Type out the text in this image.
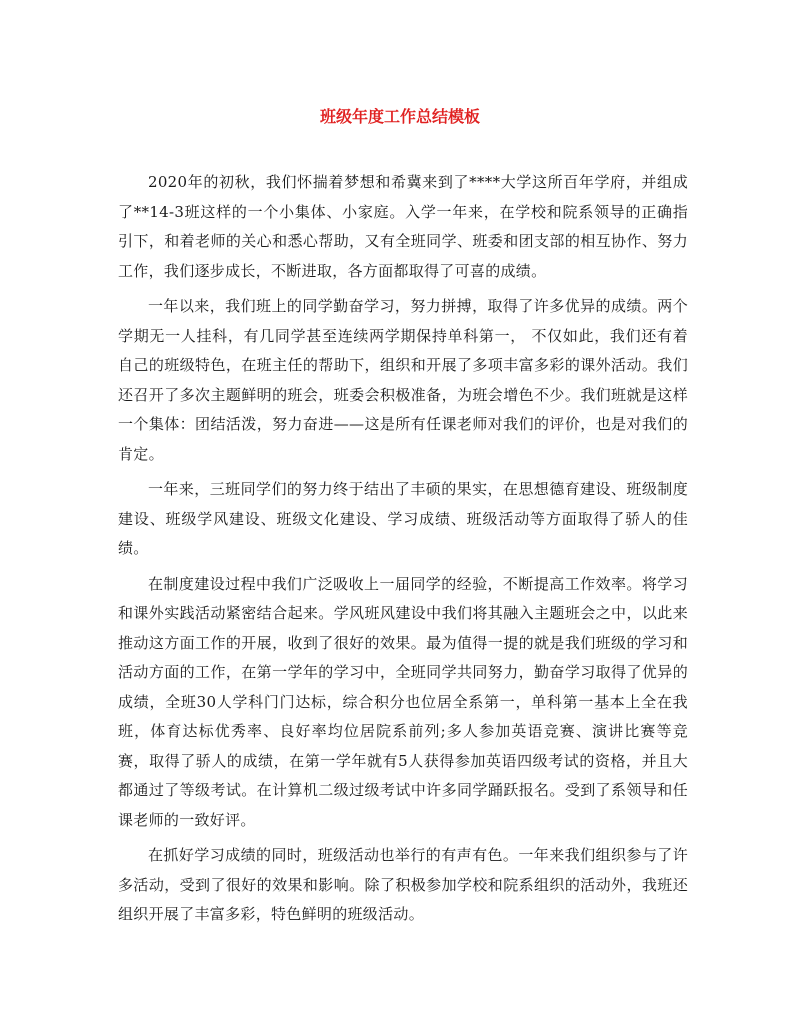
班级年度工作总结模板

2020年的初秋，我们怀揣着梦想和希冀来到了****大学这所百年学府，并组成了**14-3班这样的一个小集体、小家庭。入学一年来，在学校和院系领导的正确指引下，和着老师的关心和悉心帮助，又有全班同学、班委和团支部的相互协作、努力工作，我们逐步成长，不断进取，各方面都取得了可喜的成绩。

一年以来，我们班上的同学勤奋学习，努力拼搏，取得了许多优异的成绩。两个学期无一人挂科，有几同学甚至连续两学期保持单科第一， 不仅如此，我们还有着自己的班级特色，在班主任的帮助下，组织和开展了多项丰富多彩的课外活动。我们还召开了多次主题鲜明的班会，班委会积极准备，为班会增色不少。我们班就是这样一个集体：团结活泼，努力奋进——这是所有任课老师对我们的评价，也是对我们的肯定。

一年来，三班同学们的努力终于结出了丰硕的果实，在思想德育建设、班级制度建设、班级学风建设、班级文化建设、学习成绩、班级活动等方面取得了骄人的佳绩。

在制度建设过程中我们广泛吸收上一届同学的经验，不断提高工作效率。将学习和课外实践活动紧密结合起来。学风班风建设中我们将其融入主题班会之中，以此来推动这方面工作的开展，收到了很好的效果。最为值得一提的就是我们班级的学习和活动方面的工作，在第一学年的学习中，全班同学共同努力，勤奋学习取得了优异的成绩，全班30人学科门门达标，综合积分也位居全系第一，单科第一基本上全在我班，体育达标优秀率、良好率均位居院系前列;多人参加英语竞赛、演讲比赛等竞赛，取得了骄人的成绩，在第一学年就有5人获得参加英语四级考试的资格，并且大都通过了等级考试。在计算机二级过级考试中许多同学踊跃报名。受到了系领导和任课老师的一致好评。

在抓好学习成绩的同时，班级活动也举行的有声有色。一年来我们组织参与了许多活动，受到了很好的效果和影响。除了积极参加学校和院系组织的活动外，我班还组织开展了丰富多彩，特色鲜明的班级活动。
